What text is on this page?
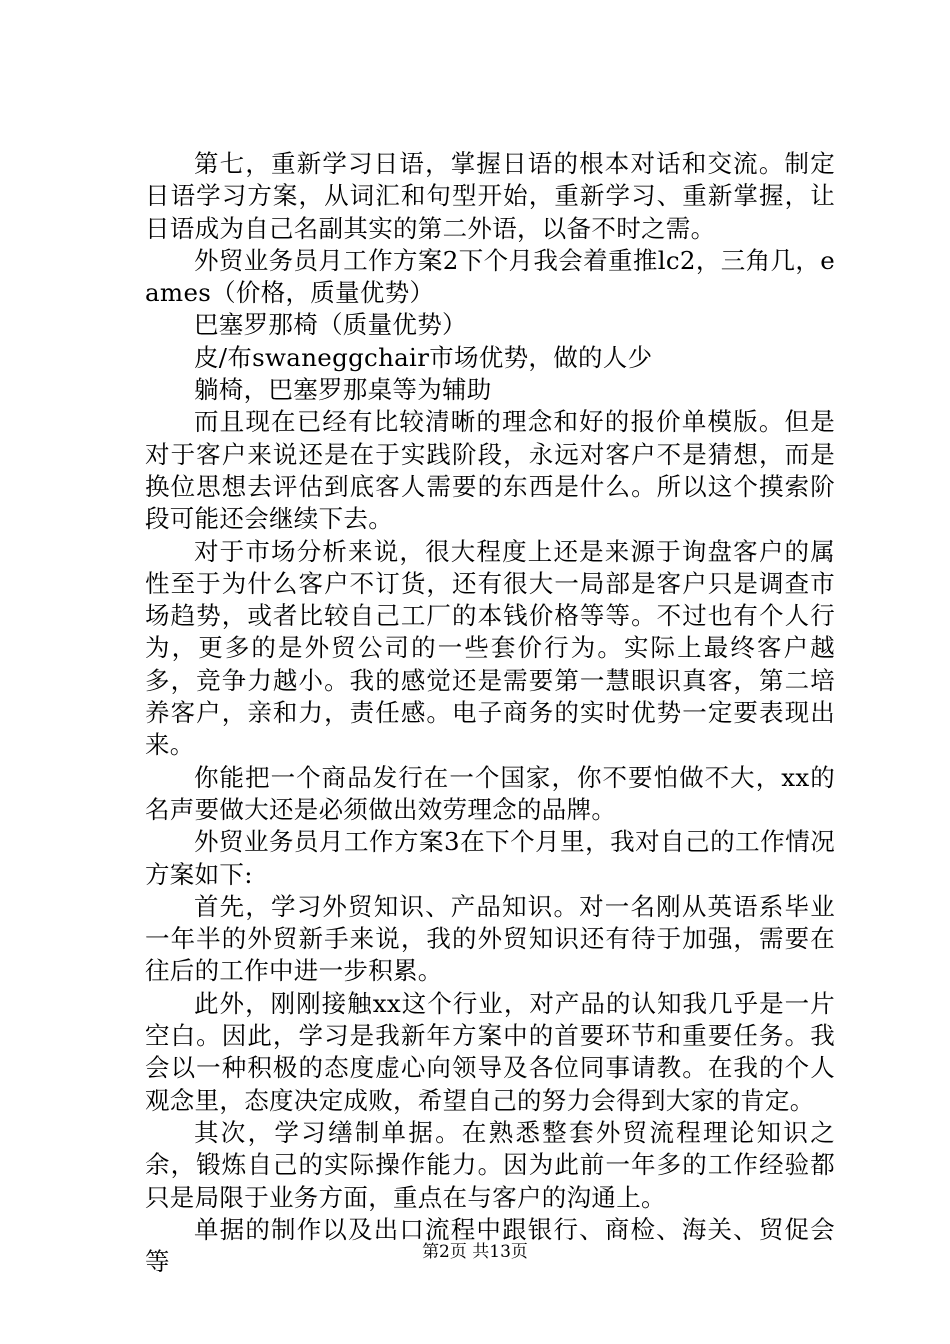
第七，重新学习日语，掌握日语的根本对话和交流。制定日语学习方案，从词汇和句型开始，重新学习、重新掌握，让日语成为自己名副其实的第二外语，以备不时之需。

外贸业务员月工作方案2下个月我会着重推lc2，三角几，eames（价格，质量优势）

巴塞罗那椅（质量优势）

皮/布swaneggchair市场优势，做的人少

躺椅，巴塞罗那桌等为辅助

而且现在已经有比较清晰的理念和好的报价单模版。但是对于客户来说还是在于实践阶段，永远对客户不是猜想，而是换位思想去评估到底客人需要的东西是什么。所以这个摸索阶段可能还会继续下去。

对于市场分析来说，很大程度上还是来源于询盘客户的属性至于为什么客户不订货，还有很大一局部是客户只是调查市场趋势，或者比较自己工厂的本钱价格等等。不过也有个人行为，更多的是外贸公司的一些套价行为。实际上最终客户越多，竞争力越小。我的感觉还是需要第一慧眼识真客，第二培养客户，亲和力，责任感。电子商务的实时优势一定要表现出来。

你能把一个商品发行在一个国家，你不要怕做不大，xx的名声要做大还是必须做出效劳理念的品牌。

外贸业务员月工作方案3在下个月里，我对自己的工作情况方案如下:

首先，学习外贸知识、产品知识。对一名刚从英语系毕业一年半的外贸新手来说，我的外贸知识还有待于加强，需要在往后的工作中进一步积累。

此外，刚刚接触xx这个行业，对产品的认知我几乎是一片空白。因此，学习是我新年方案中的首要环节和重要任务。我会以一种积极的态度虚心向领导及各位同事请教。在我的个人观念里，态度决定成败，希望自己的努力会得到大家的肯定。

其次，学习缮制单据。在熟悉整套外贸流程理论知识之余，锻炼自己的实际操作能力。因为此前一年多的工作经验都只是局限于业务方面，重点在与客户的沟通上。

单据的制作以及出口流程中跟银行、商检、海关、贸促会等	第2页 共13页
